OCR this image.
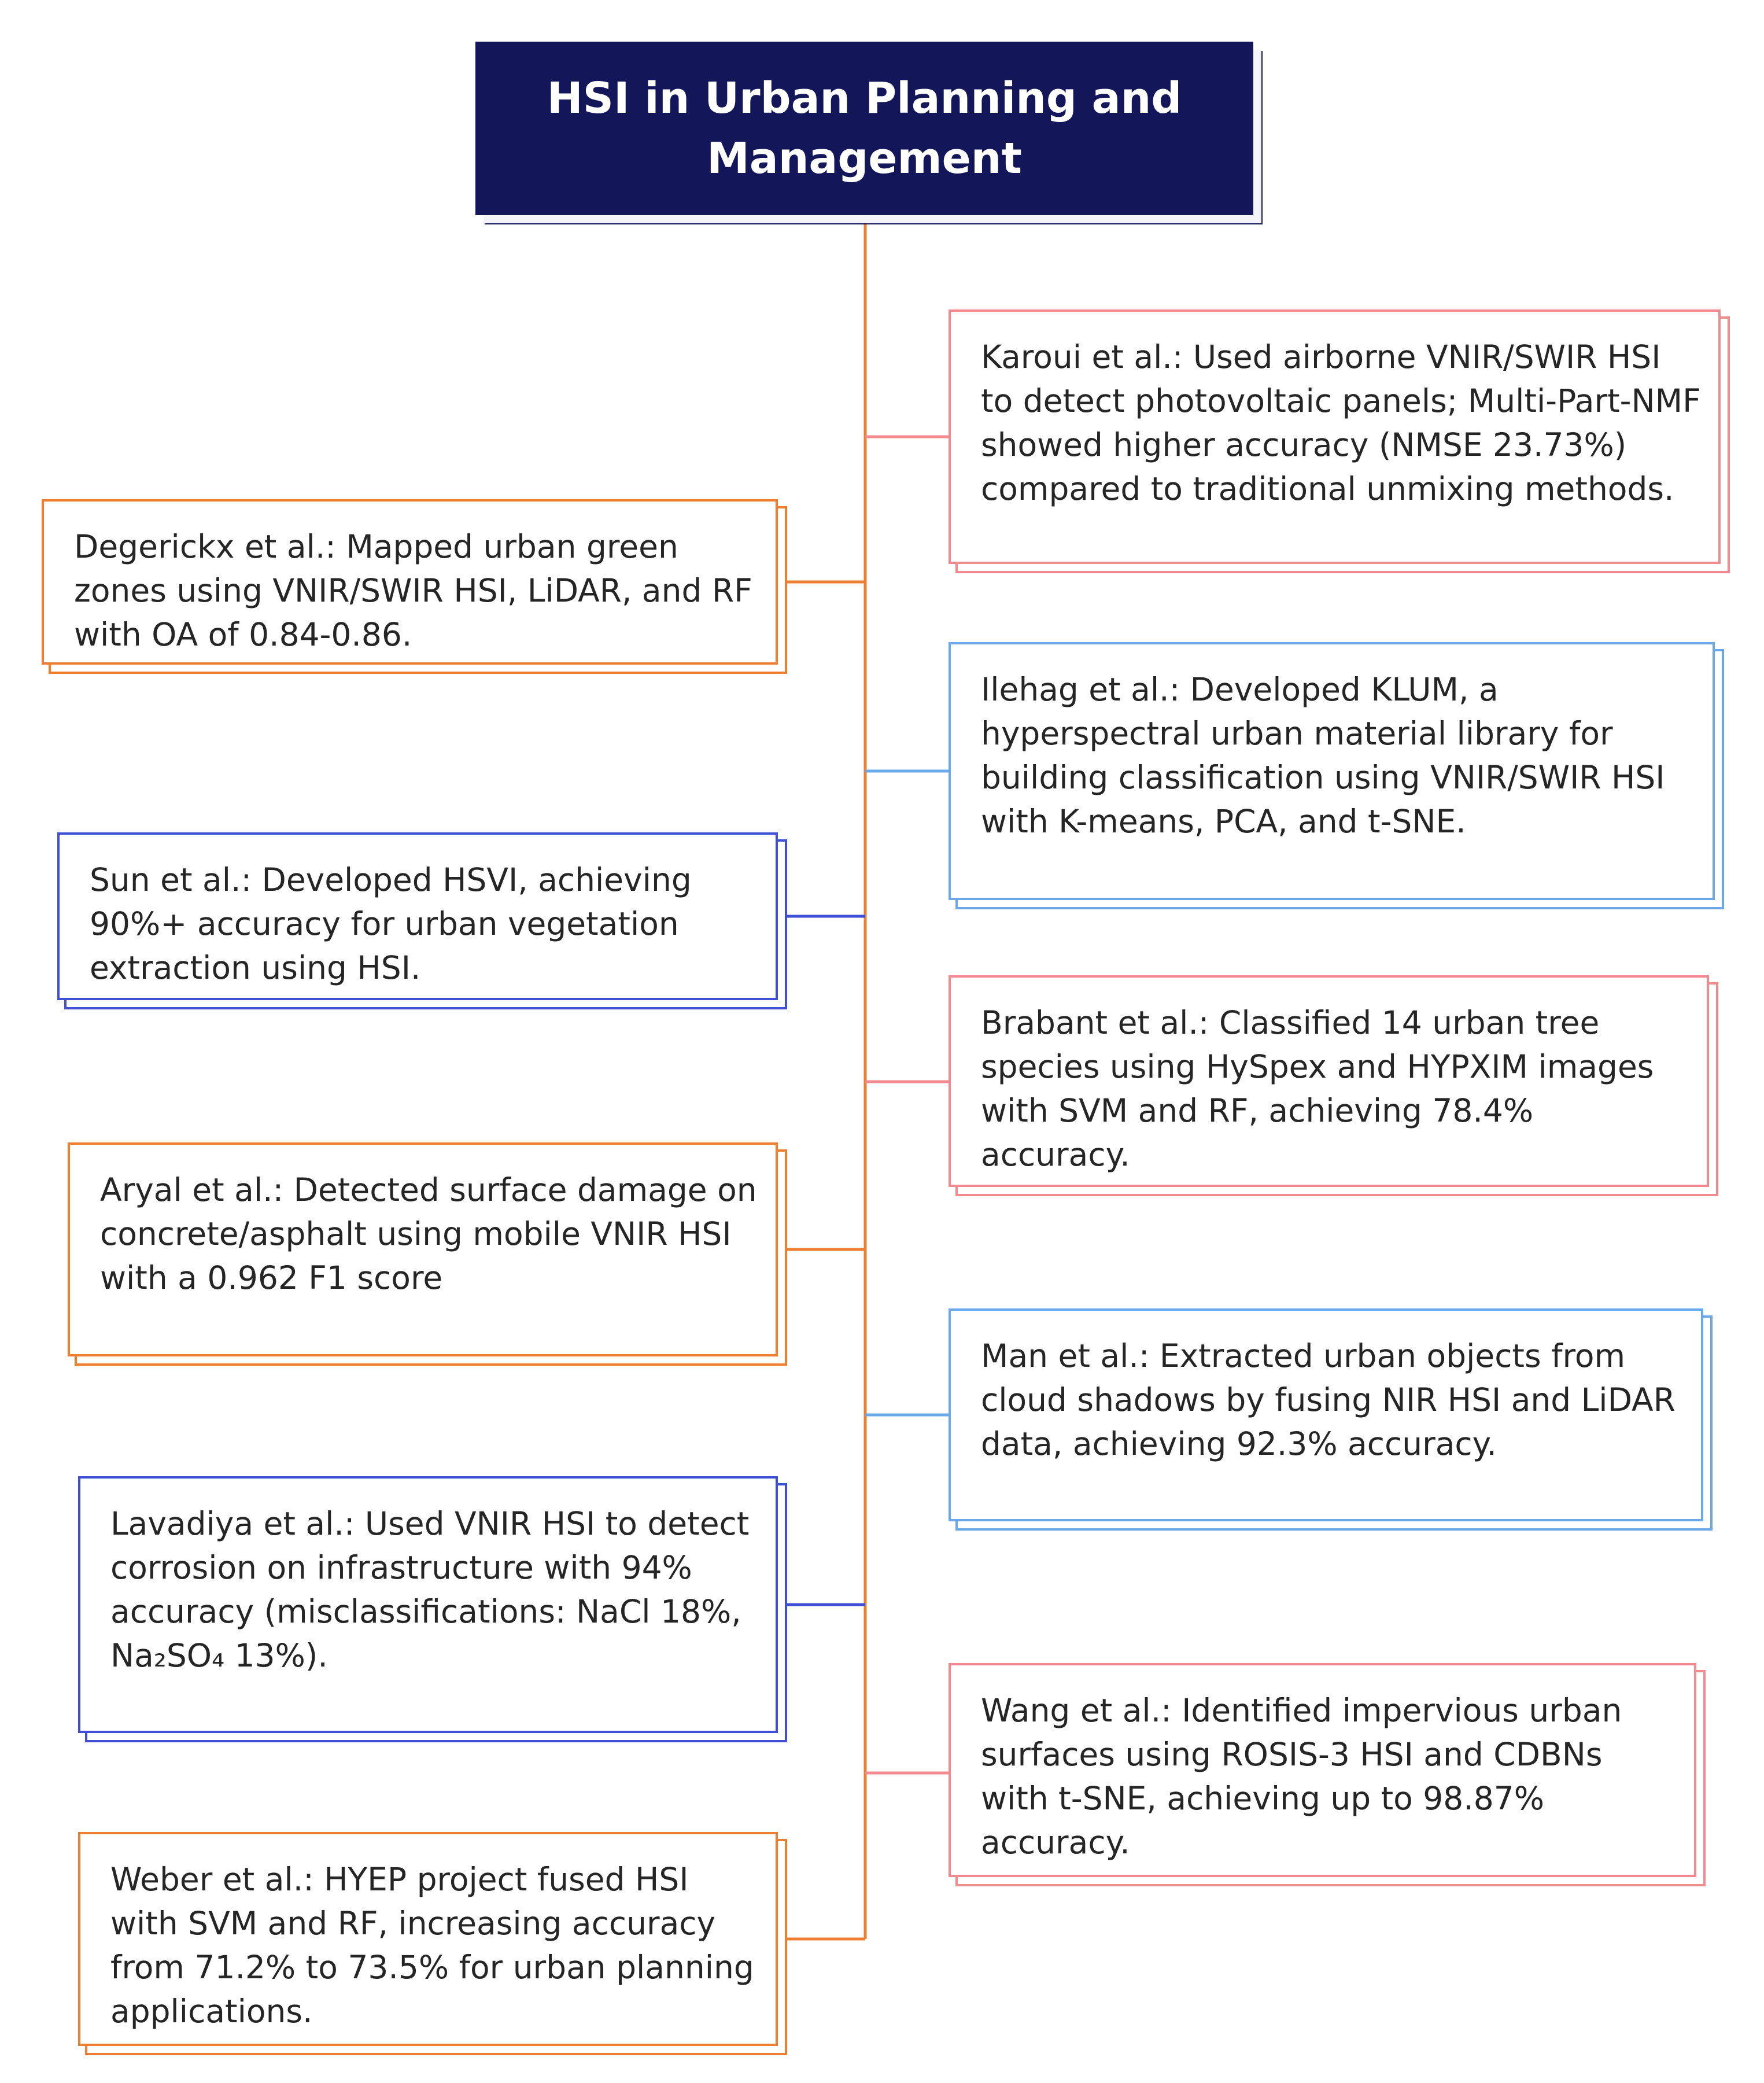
HSI in Urban Planning and Management

Degerickx et al.: Mapped urban green zones using VNIR/SWIR HSI, LiDAR, and RF with OA of 0.84-0.86.

Sun et al.: Developed HSVI, achieving 90%+ accuracy for urban vegetation extraction using HSI.

Aryal et al.: Detected surface damage on concrete/asphalt using mobile VNIR HSI with a 0.962 F1 score

Lavadiya et al.: Used VNIR HSI to detect corrosion on infrastructure with 94% accuracy (misclassifications: NaCl 18%, Na₂SO₄ 13%).

Weber et al.: HYEP project fused HSI with SVM and RF, increasing accuracy from 71.2% to 73.5% for urban planning applications.

Karoui et al.: Used airborne VNIR/SWIR HSI to detect photovoltaic panels; Multi-Part-NMF showed higher accuracy (NMSE 23.73%) compared to traditional unmixing methods.

Ilehag et al.: Developed KLUM, a hyperspectral urban material library for building classification using VNIR/SWIR HSI with K-means, PCA, and t-SNE.

Brabant et al.: Classified 14 urban tree species using HySpex and HYPXIM images with SVM and RF, achieving 78.4% accuracy.

Man et al.: Extracted urban objects from cloud shadows by fusing NIR HSI and LiDAR data, achieving 92.3% accuracy.

Wang et al.: Identified impervious urban surfaces using ROSIS-3 HSI and CDBNs with t-SNE, achieving up to 98.87% accuracy.
